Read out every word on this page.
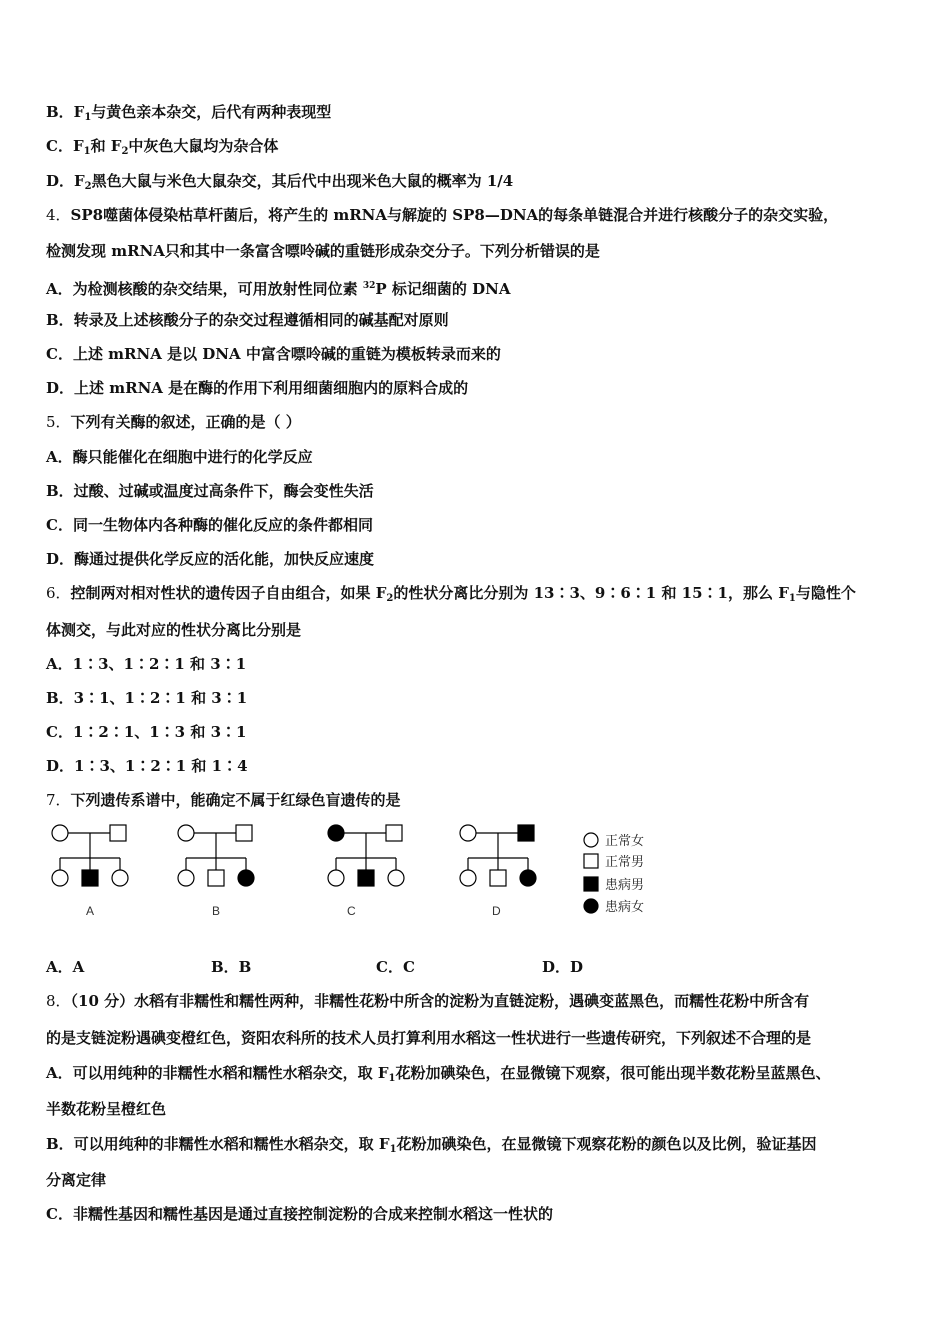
B．$F_1$与黄色亲本杂交，后代有两种表现型

C．$F_1$和 $F_2$中灰色大鼠均为杂合体

D．$F_2$黑色大鼠与米色大鼠杂交，其后代中出现米色大鼠的概率为 1/4

4．SP8噬菌体侵染枯草杆菌后，将产生的 mRNA与解旋的 SP8—DNA的每条单链混合并进行核酸分子的杂交实验，

检测发现 mRNA只和其中一条富含嘌呤碱的重链形成杂交分子。下列分析错误的是

A．为检测核酸的杂交结果，可用放射性同位素 $^{32}$P 标记细菌的 DNA

B．转录及上述核酸分子的杂交过程遵循相同的碱基配对原则

C．上述 mRNA 是以 DNA 中富含嘌呤碱的重链为模板转录而来的

D．上述 mRNA 是在酶的作用下利用细菌细胞内的原料合成的

5．下列有关酶的叙述，正确的是（ ）

A．酶只能催化在细胞中进行的化学反应

B．过酸、过碱或温度过高条件下，酶会变性失活

C．同一生物体内各种酶的催化反应的条件都相同

D．酶通过提供化学反应的活化能，加快反应速度

6．控制两对相对性状的遗传因子自由组合，如果 $F_2$的性状分离比分别为 13∶3、9∶6∶1 和 15∶1，那么 $F_1$与隐性个

体测交，与此对应的性状分离比分别是

A．1∶3、1∶2∶1 和 3∶1

B．3∶1、1∶2∶1 和 3∶1

C．1∶2∶1、1∶3 和 3∶1

D．1∶3、1∶2∶1 和 1∶4

7．下列遗传系谱中，能确定不属于红绿色盲遗传的是

A	B	C	D
正常女
正常男
患病男
患病女
A．A	B．B	C．C	D．D

8．（10 分）水稻有非糯性和糯性两种，非糯性花粉中所含的淀粉为直链淀粉，遇碘变蓝黑色，而糯性花粉中所含有

的是支链淀粉遇碘变橙红色，资阳农科所的技术人员打算利用水稻这一性状进行一些遗传研究，下列叙述不合理的是

A．可以用纯种的非糯性水稻和糯性水稻杂交，取 $F_1$花粉加碘染色，在显微镜下观察，很可能出现半数花粉呈蓝黑色、

半数花粉呈橙红色

B．可以用纯种的非糯性水稻和糯性水稻杂交，取 $F_1$花粉加碘染色，在显微镜下观察花粉的颜色以及比例，验证基因

分离定律

C．非糯性基因和糯性基因是通过直接控制淀粉的合成来控制水稻这一性状的
